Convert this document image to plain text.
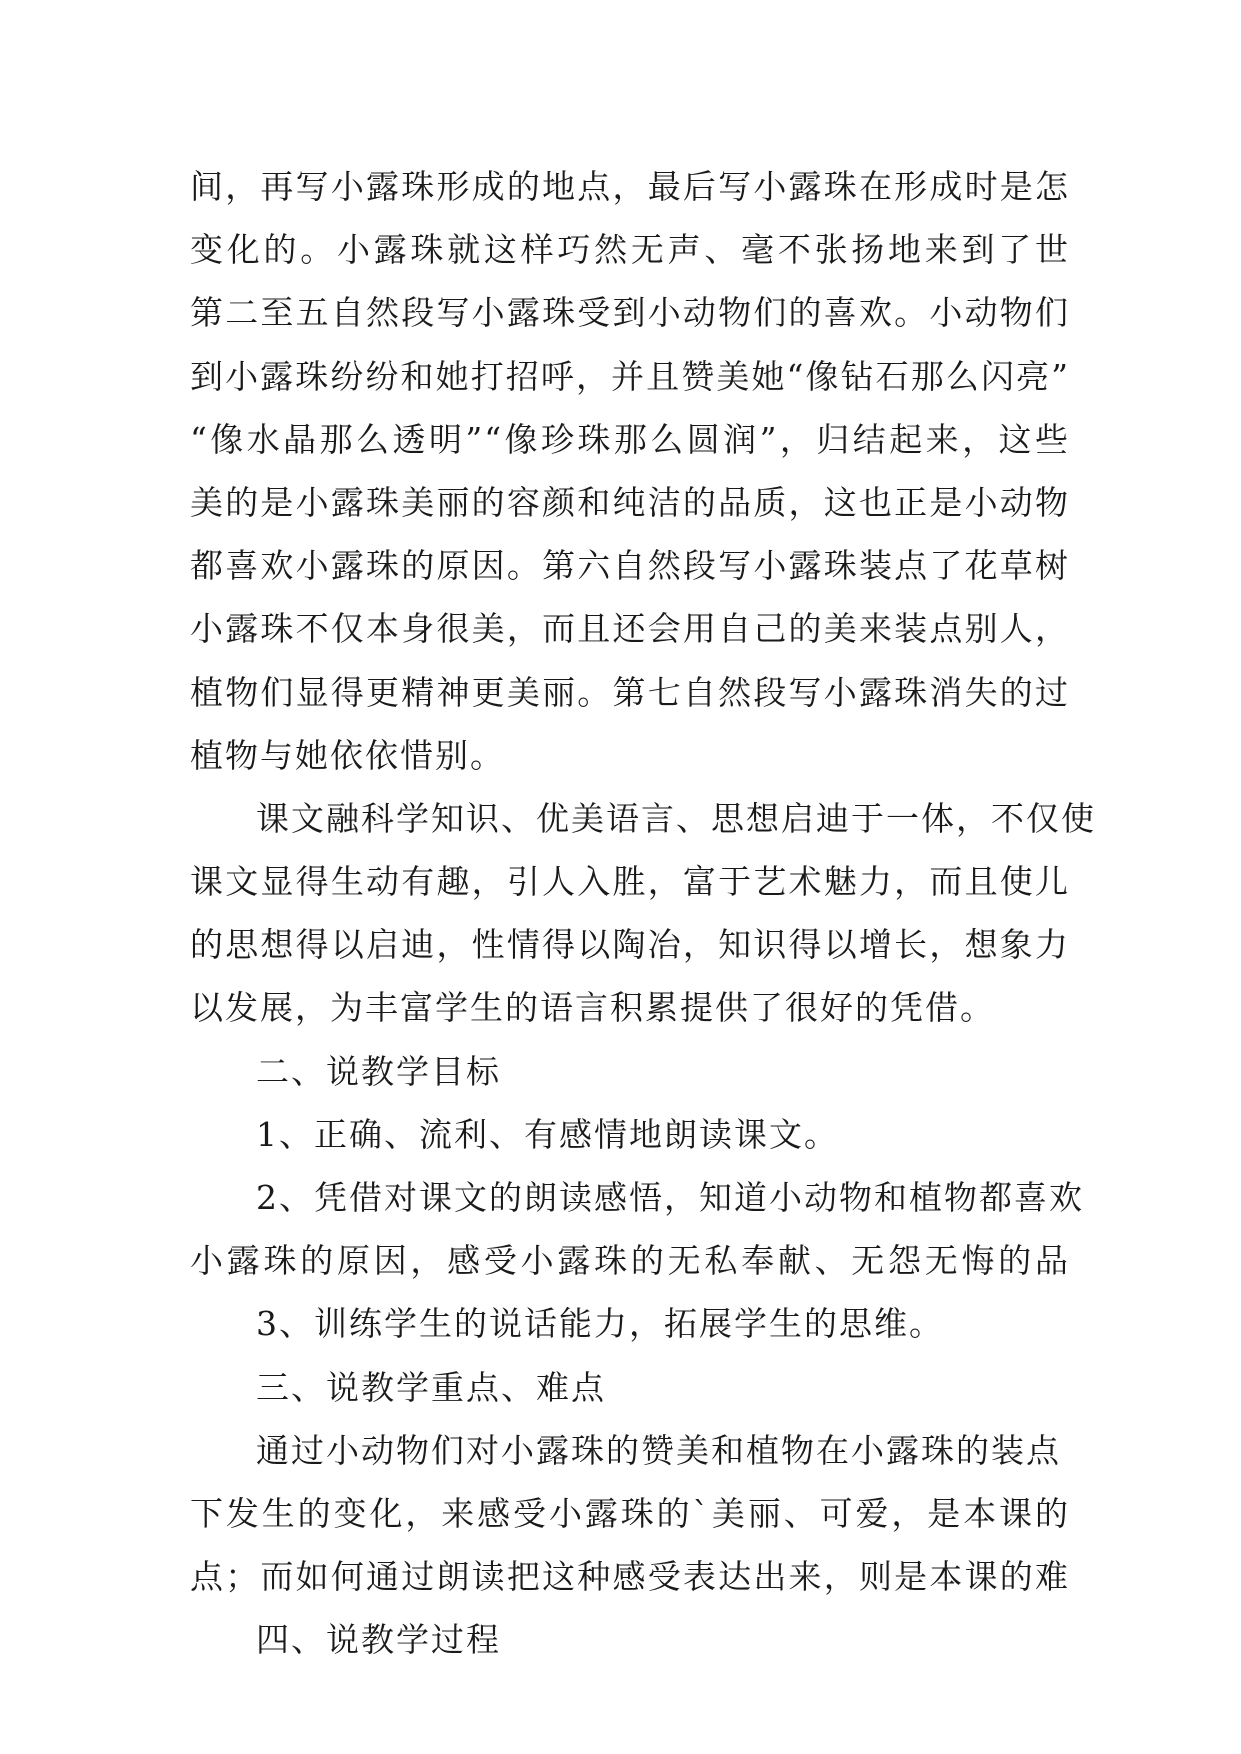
间，再写小露珠形成的地点，最后写小露珠在形成时是怎
变化的。小露珠就这样巧然无声、毫不张扬地来到了世
第二至五自然段写小露珠受到小动物们的喜欢。小动物们
到小露珠纷纷和她打招呼，并且赞美她“像钻石那么闪亮”
“像水晶那么透明”“像珍珠那么圆润”，归结起来，这些
美的是小露珠美丽的容颜和纯洁的品质，这也正是小动物
都喜欢小露珠的原因。第六自然段写小露珠装点了花草树
小露珠不仅本身很美，而且还会用自己的美来装点别人，
植物们显得更精神更美丽。第七自然段写小露珠消失的过
植物与她依依惜别。
课文融科学知识、优美语言、思想启迪于一体，不仅使
课文显得生动有趣，引人入胜，富于艺术魅力，而且使儿
的思想得以启迪，性情得以陶冶，知识得以增长，想象力
以发展，为丰富学生的语言积累提供了很好的凭借。
二、说教学目标
1、正确、流利、有感情地朗读课文。
2、凭借对课文的朗读感悟，知道小动物和植物都喜欢
小露珠的原因，感受小露珠的无私奉献、无怨无悔的品
3、训练学生的说话能力，拓展学生的思维。
三、说教学重点、难点
通过小动物们对小露珠的赞美和植物在小露珠的装点
下发生的变化，来感受小露珠的`美丽、可爱，是本课的
点；而如何通过朗读把这种感受表达出来，则是本课的难
四、说教学过程
